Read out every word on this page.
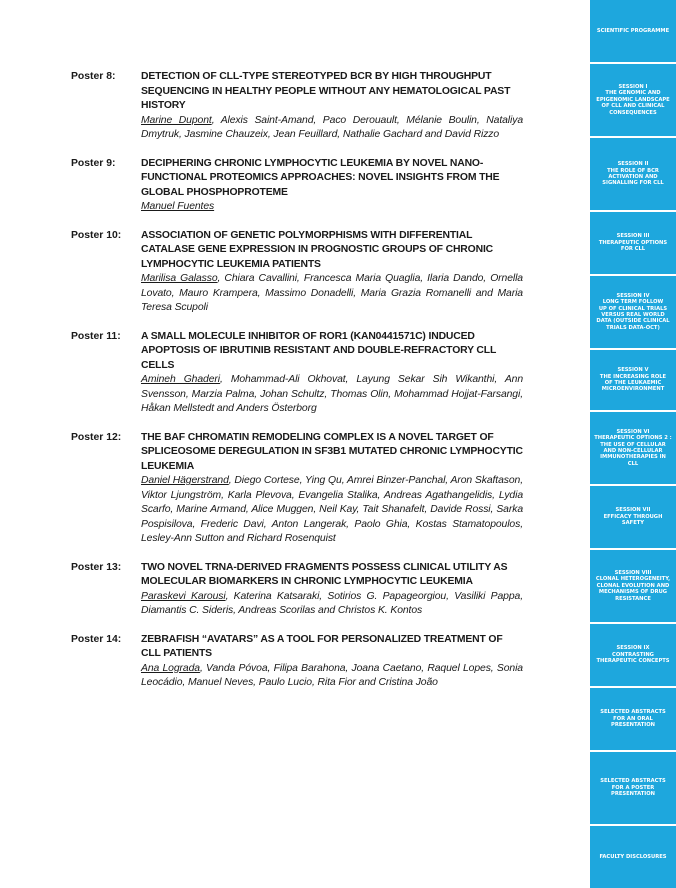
Poster 8:	DETECTION OF CLL-TYPE STEREOTYPED BCR BY HIGH THROUGHPUT SEQUENCING IN HEALTHY PEOPLE WITHOUT ANY HEMATOLOGICAL PAST HISTORY
Marine Dupont, Alexis Saint-Amand, Paco Derouault, Mélanie Boulin, Nataliya Dmytruk, Jasmine Chauzeix, Jean Feuillard, Nathalie Gachard and David Rizzo
Poster 9:	DECIPHERING CHRONIC LYMPHOCYTIC LEUKEMIA BY NOVEL NANO-FUNCTIONAL PROTEOMICS APPROACHES: NOVEL INSIGHTS FROM THE GLOBAL PHOSPHOPROTEME
Manuel Fuentes
Poster 10:	ASSOCIATION OF GENETIC POLYMORPHISMS WITH DIFFERENTIAL CATALASE GENE EXPRESSION IN PROGNOSTIC GROUPS OF CHRONIC LYMPHOCYTIC LEUKEMIA PATIENTS
Marilisa Galasso, Chiara Cavallini, Francesca Maria Quaglia, Ilaria Dando, Ornella Lovato, Mauro Krampera, Massimo Donadelli, Maria Grazia Romanelli and Maria Teresa Scupoli
Poster 11:	A SMALL MOLECULE INHIBITOR OF ROR1 (KAN0441571C) INDUCED APOPTOSIS OF IBRUTINIB RESISTANT AND DOUBLE-REFRACTORY CLL CELLS
Amineh Ghaderi, Mohammad-Ali Okhovat, Layung Sekar Sih Wikanthi, Ann Svensson, Marzia Palma, Johan Schultz, Thomas Olin, Mohammad Hojjat-Farsangi, Håkan Mellstedt and Anders Österborg
Poster 12:	THE BAF CHROMATIN REMODELING COMPLEX IS A NOVEL TARGET OF SPLICEOSOME DEREGULATION IN SF3B1 MUTATED CHRONIC LYMPHOCYTIC LEUKEMIA
Daniel Hägerstrand, Diego Cortese, Ying Qu, Amrei Binzer-Panchal, Aron Skaftason, Viktor Ljungström, Karla Plevova, Evangelia Stalika, Andreas Agathangelidis, Lydia Scarfo, Marine Armand, Alice Muggen, Neil Kay, Tait Shanafelt, Davide Rossi, Sarka Pospisilova, Frederic Davi, Anton Langerak, Paolo Ghia, Kostas Stamatopoulos, Lesley-Ann Sutton and Richard Rosenquist
Poster 13:	TWO NOVEL TRNA-DERIVED FRAGMENTS POSSESS CLINICAL UTILITY AS MOLECULAR BIOMARKERS IN CHRONIC LYMPHOCYTIC LEUKEMIA
Paraskevi Karousi, Katerina Katsaraki, Sotirios G. Papageorgiou, Vasiliki Pappa, Diamantis C. Sideris, Andreas Scorilas and Christos K. Kontos
Poster 14:	ZEBRAFISH “AVATARS” AS A TOOL FOR PERSONALIZED TREATMENT OF CLL PATIENTS
Ana Lograda, Vanda Póvoa, Filipa Barahona, Joana Caetano, Raquel Lopes, Sonia Leocádio, Manuel Neves, Paulo Lucio, Rita Fior and Cristina João
SCIENTIFIC PROGRAMME
SESSION I
THE GENOMIC AND
EPIGENOMIC LANDSCAPE
OF CLL AND CLINICAL
CONSEQUENCES
SESSION II
THE ROLE OF BCR
ACTIVATION AND
SIGNALLING FOR CLL
SESSION III
THERAPEUTIC OPTIONS
FOR CLL
SESSION IV
LONG TERM FOLLOW
UP OF CLINICAL TRIALS
VERSUS REAL WORLD
DATA (OUTSIDE CLINICAL
TRIALS DATA-OCT)
SESSION V
THE INCREASING ROLE
OF THE LEUKAEMIC
MICROENVIRONMENT
SESSION VI
THERAPEUTIC OPTIONS 2 :
THE USE OF CELLULAR
AND NON-CELLULAR
IMMUNOTHERAPIES IN
CLL
SESSION VII
EFFICACY THROUGH
SAFETY
SESSION VIII
CLONAL HETEROGENEITY,
CLONAL EVOLUTION AND
MECHANISMS OF DRUG
RESISTANCE
SESSION IX
CONTRASTING
THERAPEUTIC CONCEPTS
SELECTED ABSTRACTS
FOR AN ORAL
PRESENTATION
SELECTED ABSTRACTS
FOR A POSTER
PRESENTATION
FACULTY DISCLOSURES
